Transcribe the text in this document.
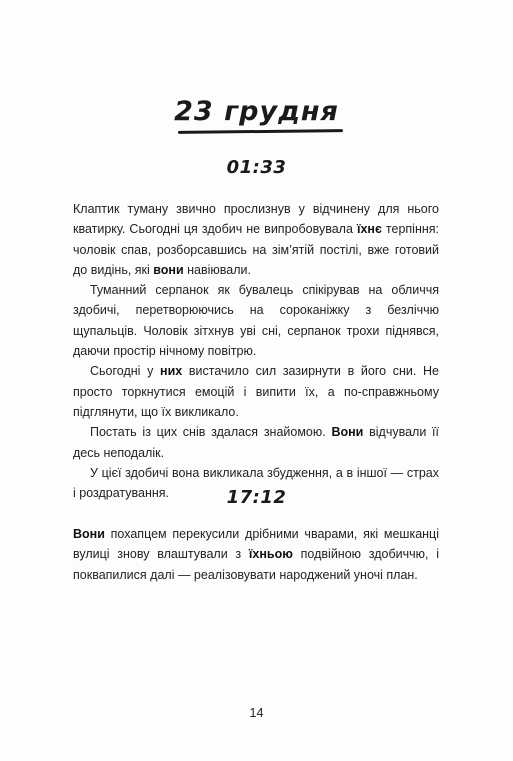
23 грудня
01:33

Клаптик туману звично прослизнув у відчинену для нього кватирку. Сьогодні ця здобич не випробовувала їхнє терпіння: чоловік спав, розборсавшись на зім’ятій постілі, вже готовий до видінь, які вони навіювали.

Туманний серпанок як бувалець спікірував на обличчя здобичі, перетворюючись на сороканіжку з безліччю щупальців. Чоловік зітхнув уві сні, серпанок трохи піднявся, даючи простір нічному повітрю.

Сьогодні у них вистачило сил зазирнути в його сни. Не просто торкнутися емоцій і випити їх, а по-справжньому підглянути, що їх викликало.

Постать із цих снів здалася знайомою. Вони відчували її десь неподалік.

У цієї здобичі вона викликала збудження, а в іншої — страх і роздратування.	17:12

Вони похапцем перекусили дрібними чварами, які мешканці вулиці знову влаштували з їхньою подвійною здобиччю, і поквапилися далі — реалізовувати народжений уночі план.

14
